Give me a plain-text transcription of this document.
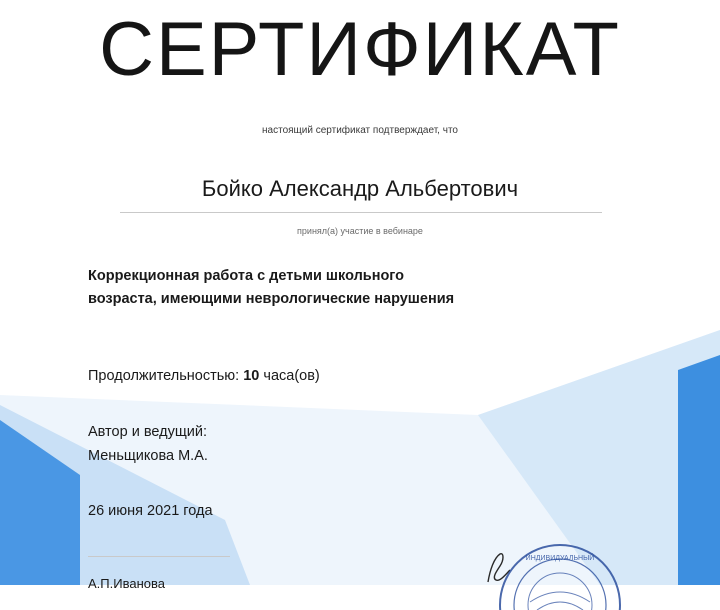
СЕРТИФИКАТ
настоящий сертификат подтверждает, что
Бойко Александр Альбертович
принял(а) участие в вебинаре
Коррекционная работа с детьми школьного возраста, имеющими неврологические нарушения
Продолжительностью: 10 часа(ов)
Автор и ведущий:
Меньщикова М.А.
26 июня 2021 года
А.П.Иванова
ИНДИВИДУАЛЬНЫЙ
